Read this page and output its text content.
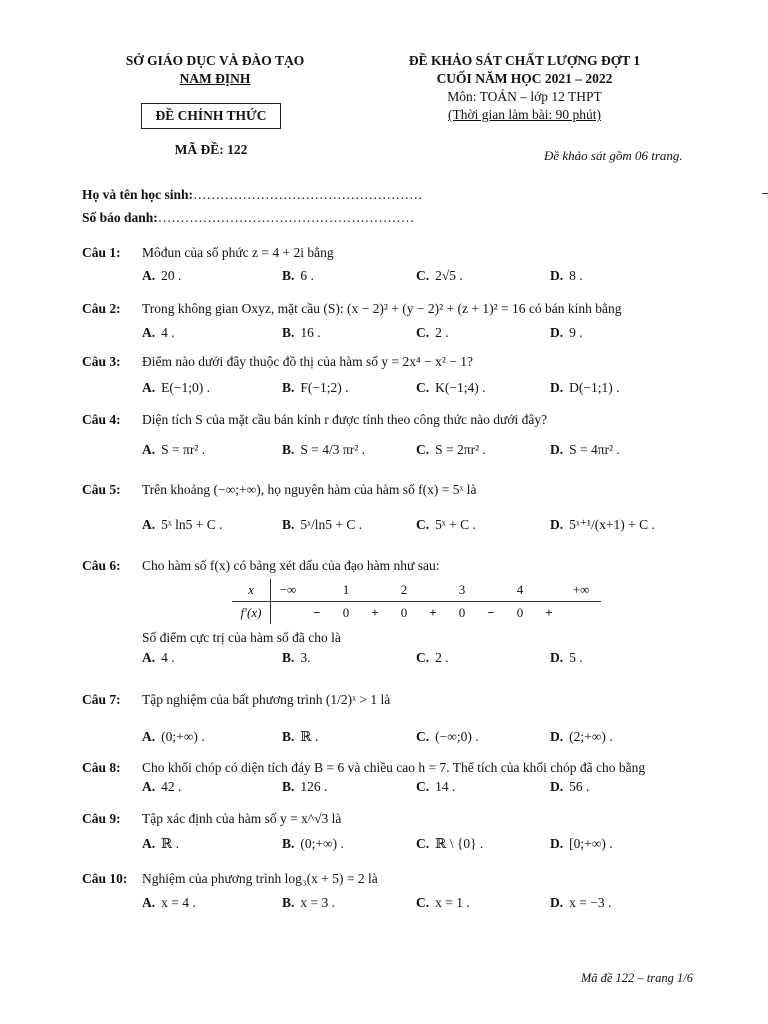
SỞ GIÁO DỤC VÀ ĐÀO TẠO
NAM ĐỊNH
ĐỀ CHÍNH THỨC
MÃ ĐỀ: 122
ĐỀ KHẢO SÁT CHẤT LƯỢNG ĐỢT 1
CUỐI NĂM HỌC 2021 – 2022
Môn: TOÁN – lớp 12 THPT
(Thời gian làm bài: 90 phút)
Đề khảo sát gồm 06 trang.
Họ và tên học sinh:……………………………………………
Số báo danh:…………………………………………………
Câu 1: Môđun của số phức z = 4 + 2i bằng
A. 20 .	B. 6 .	C. 2√5 .	D. 8 .
Câu 2: Trong không gian Oxyz, mặt cầu (S): (x − 2)² + (y − 2)² + (z + 1)² = 16 có bán kính bằng
A. 4 .	B. 16 .	C. 2 .	D. 9 .
Câu 3: Điểm nào dưới đây thuộc đồ thị của hàm số y = 2x⁴ − x² − 1?
A. E(−1;0) .	B. F(−1;2) .	C. K(−1;4) .	D. D(−1;1) .
Câu 4: Diện tích S của mặt cầu bán kính r được tính theo công thức nào dưới đây?
A. S = πr² .	B. S = 4/3 πr² .	C. S = 2πr² .	D. S = 4πr² .
Câu 5: Trên khoảng (−∞;+∞), họ nguyên hàm của hàm số f(x) = 5ˣ là
A. 5ˣ ln5 + C .	B. 5ˣ/ln5 + C .	C. 5ˣ + C .	D. 5ˣ⁺¹/(x+1) + C .
Câu 6: Cho hàm số f(x) có bảng xét dấu của đạo hàm như sau:
x	−∞		1		2		3		4		+∞
f′(x)		−	0	+	0	+	0	−	0	+	
Số điểm cực trị của hàm số đã cho là
A. 4 .	B. 3.	C. 2 .	D. 5 .
Câu 7: Tập nghiệm của bất phương trình (1/2)ˣ > 1 là
A. (0;+∞) .	B. ℝ .	C. (−∞;0) .	D. (2;+∞) .
Câu 8: Cho khối chóp có diện tích đáy B = 6 và chiều cao h = 7. Thể tích của khối chóp đã cho bằng
A. 42 .	B. 126 .	C. 14 .	D. 56 .
Câu 9: Tập xác định của hàm số y = x^√3 là
A. ℝ .	B. (0;+∞) .	C. ℝ \ {0} .	D. [0;+∞) .
Câu 10: Nghiệm của phương trình log₃(x + 5) = 2 là
A. x = 4 .	B. x = 3 .	C. x = 1 .	D. x = −3 .
Mã đề 122 – trang 1/6
